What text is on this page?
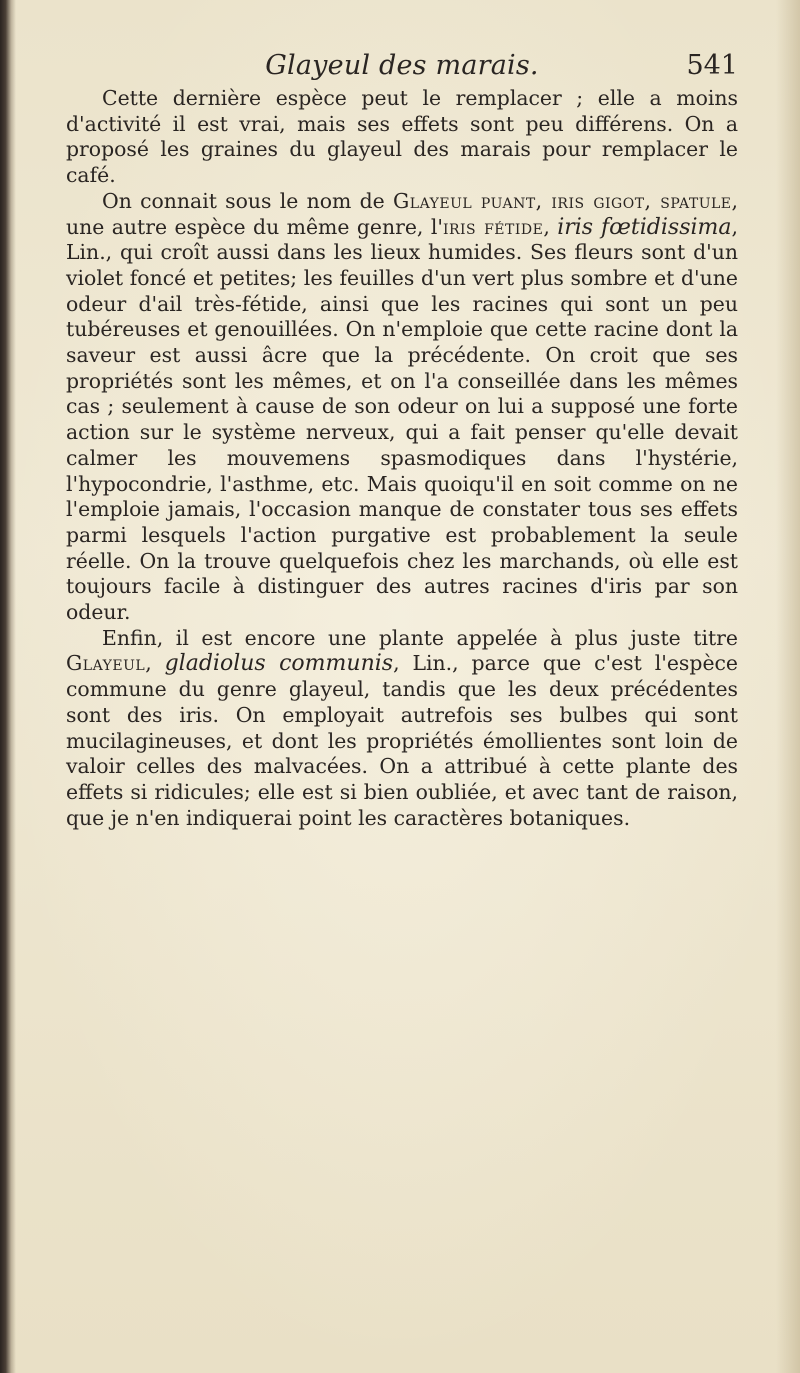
Glayeul des marais.	541

Cette dernière espèce peut le remplacer ; elle a moins d'activité il est vrai, mais ses effets sont peu différens. On a proposé les graines du glayeul des marais pour remplacer le café.

On connait sous le nom de Glayeul puant, iris gigot, spatule, une autre espèce du même genre, l'iris fétide, iris fœtidissima, Lin., qui croît aussi dans les lieux humides. Ses fleurs sont d'un violet foncé et petites; les feuilles d'un vert plus sombre et d'une odeur d'ail très-fétide, ainsi que les racines qui sont un peu tubéreuses et genouillées. On n'emploie que cette racine dont la saveur est aussi âcre que la précédente. On croit que ses propriétés sont les mêmes, et on l'a conseillée dans les mêmes cas ; seulement à cause de son odeur on lui a supposé une forte action sur le système nerveux, qui a fait penser qu'elle devait calmer les mouvemens spasmodiques dans l'hystérie, l'hypocondrie, l'asthme, etc. Mais quoiqu'il en soit comme on ne l'emploie jamais, l'occasion manque de constater tous ses effets parmi lesquels l'action purgative est probablement la seule réelle. On la trouve quelquefois chez les marchands, où elle est toujours facile à distinguer des autres racines d'iris par son odeur.

Enfin, il est encore une plante appelée à plus juste titre Glayeul, gladiolus communis, Lin., parce que c'est l'espèce commune du genre glayeul, tandis que les deux précédentes sont des iris. On employait autrefois ses bulbes qui sont mucilagineuses, et dont les propriétés émollientes sont loin de valoir celles des malvacées. On a attribué à cette plante des effets si ridicules; elle est si bien oubliée, et avec tant de raison, que je n'en indiquerai point les caractères botaniques.
